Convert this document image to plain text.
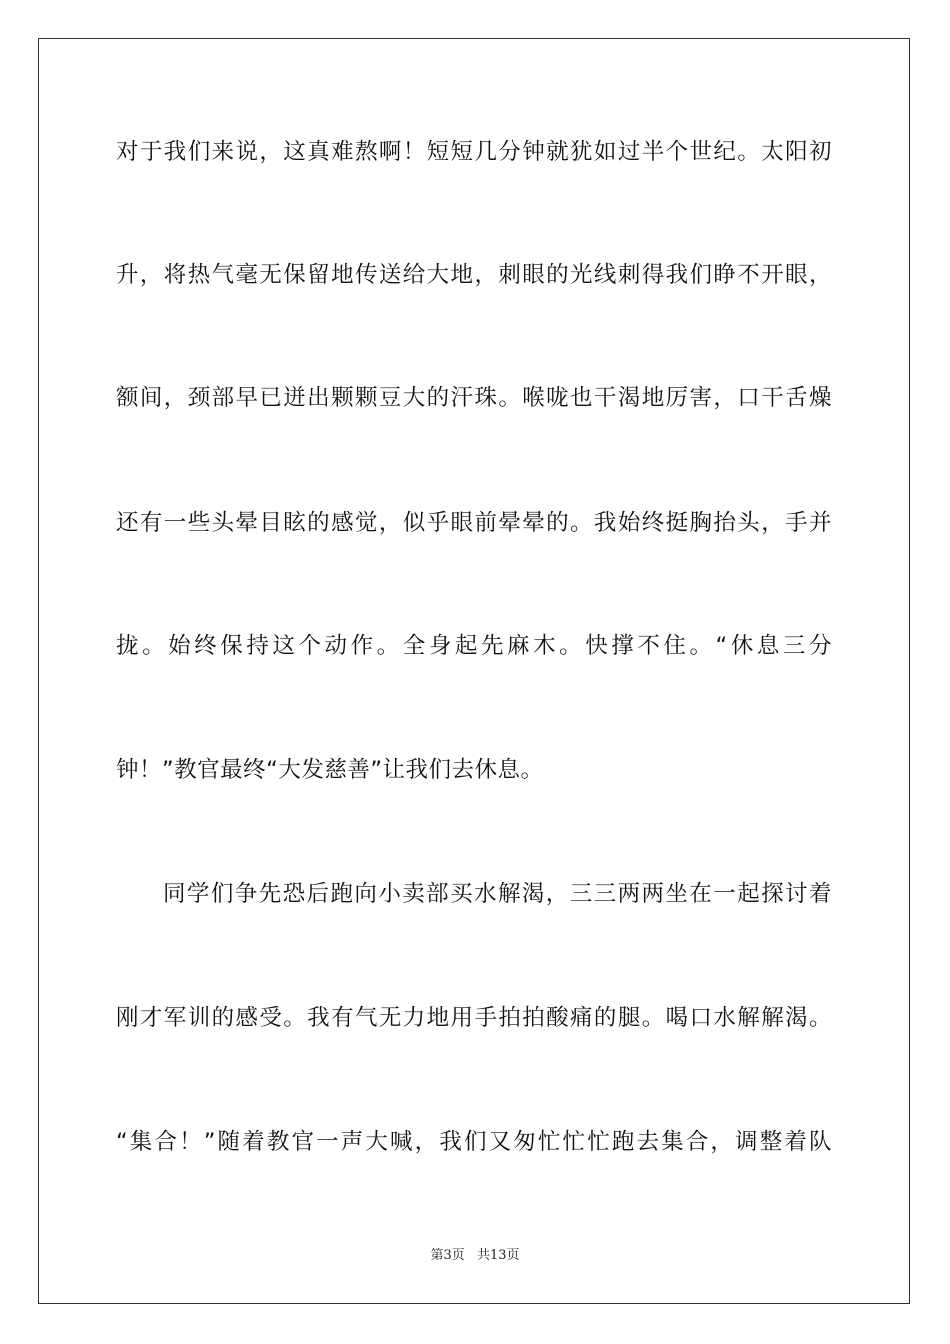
对于我们来说，这真难熬啊！短短几分钟就犹如过半个世纪。太阳初
升，将热气毫无保留地传送给大地，刺眼的光线刺得我们睁不开眼，
额间，颈部早已迸出颗颗豆大的汗珠。喉咙也干渴地厉害，口干舌燥
还有一些头晕目眩的感觉，似乎眼前晕晕的。我始终挺胸抬头，手并
拢。始终保持这个动作。全身起先麻木。快撑不住。“休息三分
钟！”教官最终“大发慈善”让我们去休息。
同学们争先恐后跑向小卖部买水解渴，三三两两坐在一起探讨着
刚才军训的感受。我有气无力地用手拍拍酸痛的腿。喝口水解解渴。
“集合！”随着教官一声大喊，我们又匆忙忙忙跑去集合，调整着队
第3页 共13页
